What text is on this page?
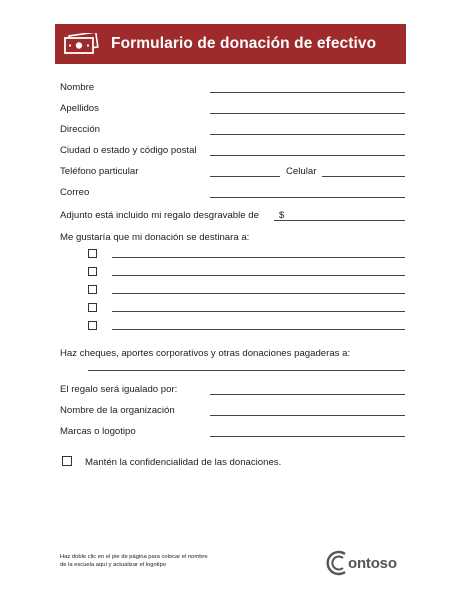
Formulario de donación de efectivo
Nombre
Apellidos
Dirección
Ciudad o estado y código postal
Teléfono particular	Celular
Correo
Adjunto está incluido mi regalo desgravable de $
Me gustaría que mi donación se destinara a:
Haz cheques, aportes corporativos y otras donaciones pagaderas a:
El regalo será igualado por:
Nombre de la organización
Marcas o logotipo
Mantén la confidencialidad de las donaciones.
Haz doble clic en el pie de página para colocar el nombre
de la escuela aquí y actualizar el logotipo	ontoso
